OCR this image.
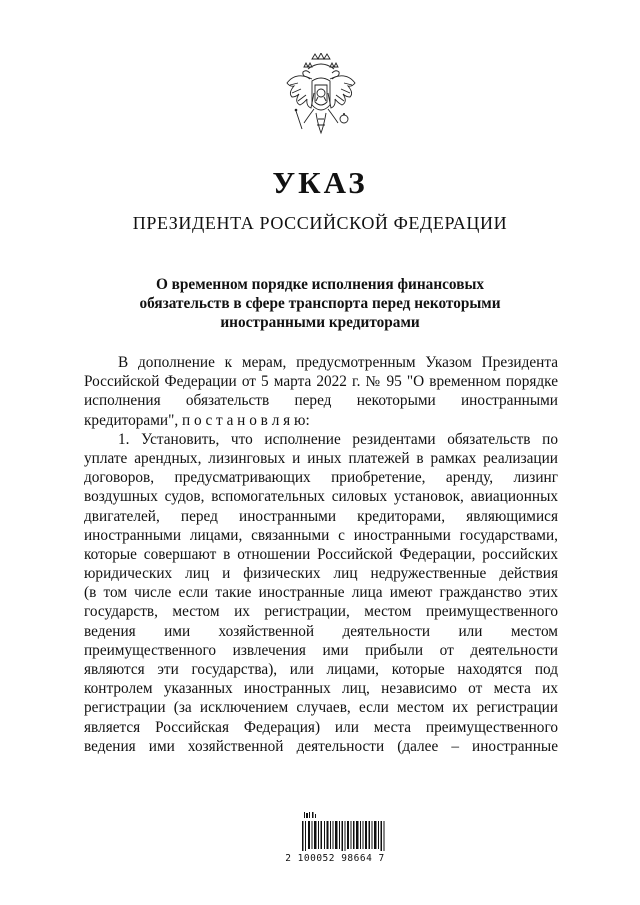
УКАЗ
ПРЕЗИДЕНТА РОССИЙСКОЙ ФЕДЕРАЦИИ
О временном порядке исполнения финансовых
обязательств в сфере транспорта перед некоторыми
иностранными кредиторами
В дополнение к мерам, предусмотренным Указом Президента
Российской Федерации от 5 марта 2022 г. № 95 "О временном порядке
исполнения обязательств перед некоторыми иностранными
кредиторами", п о с т а н о в л я ю:
1. Установить, что исполнение резидентами обязательств по
уплате арендных, лизинговых и иных платежей в рамках реализации
договоров, предусматривающих приобретение, аренду, лизинг
воздушных судов, вспомогательных силовых установок, авиационных
двигателей, перед иностранными кредиторами, являющимися
иностранными лицами, связанными с иностранными государствами,
которые совершают в отношении Российской Федерации, российских
юридических лиц и физических лиц недружественные действия
(в том числе если такие иностранные лица имеют гражданство этих
государств, местом их регистрации, местом преимущественного
ведения ими хозяйственной деятельности или местом
преимущественного извлечения ими прибыли от деятельности
являются эти государства), или лицами, которые находятся под
контролем указанных иностранных лиц, независимо от места их
регистрации (за исключением случаев, если местом их регистрации
является Российская Федерация) или места преимущественного
ведения ими хозяйственной деятельности (далее – иностранные
2 100052 98664 7
